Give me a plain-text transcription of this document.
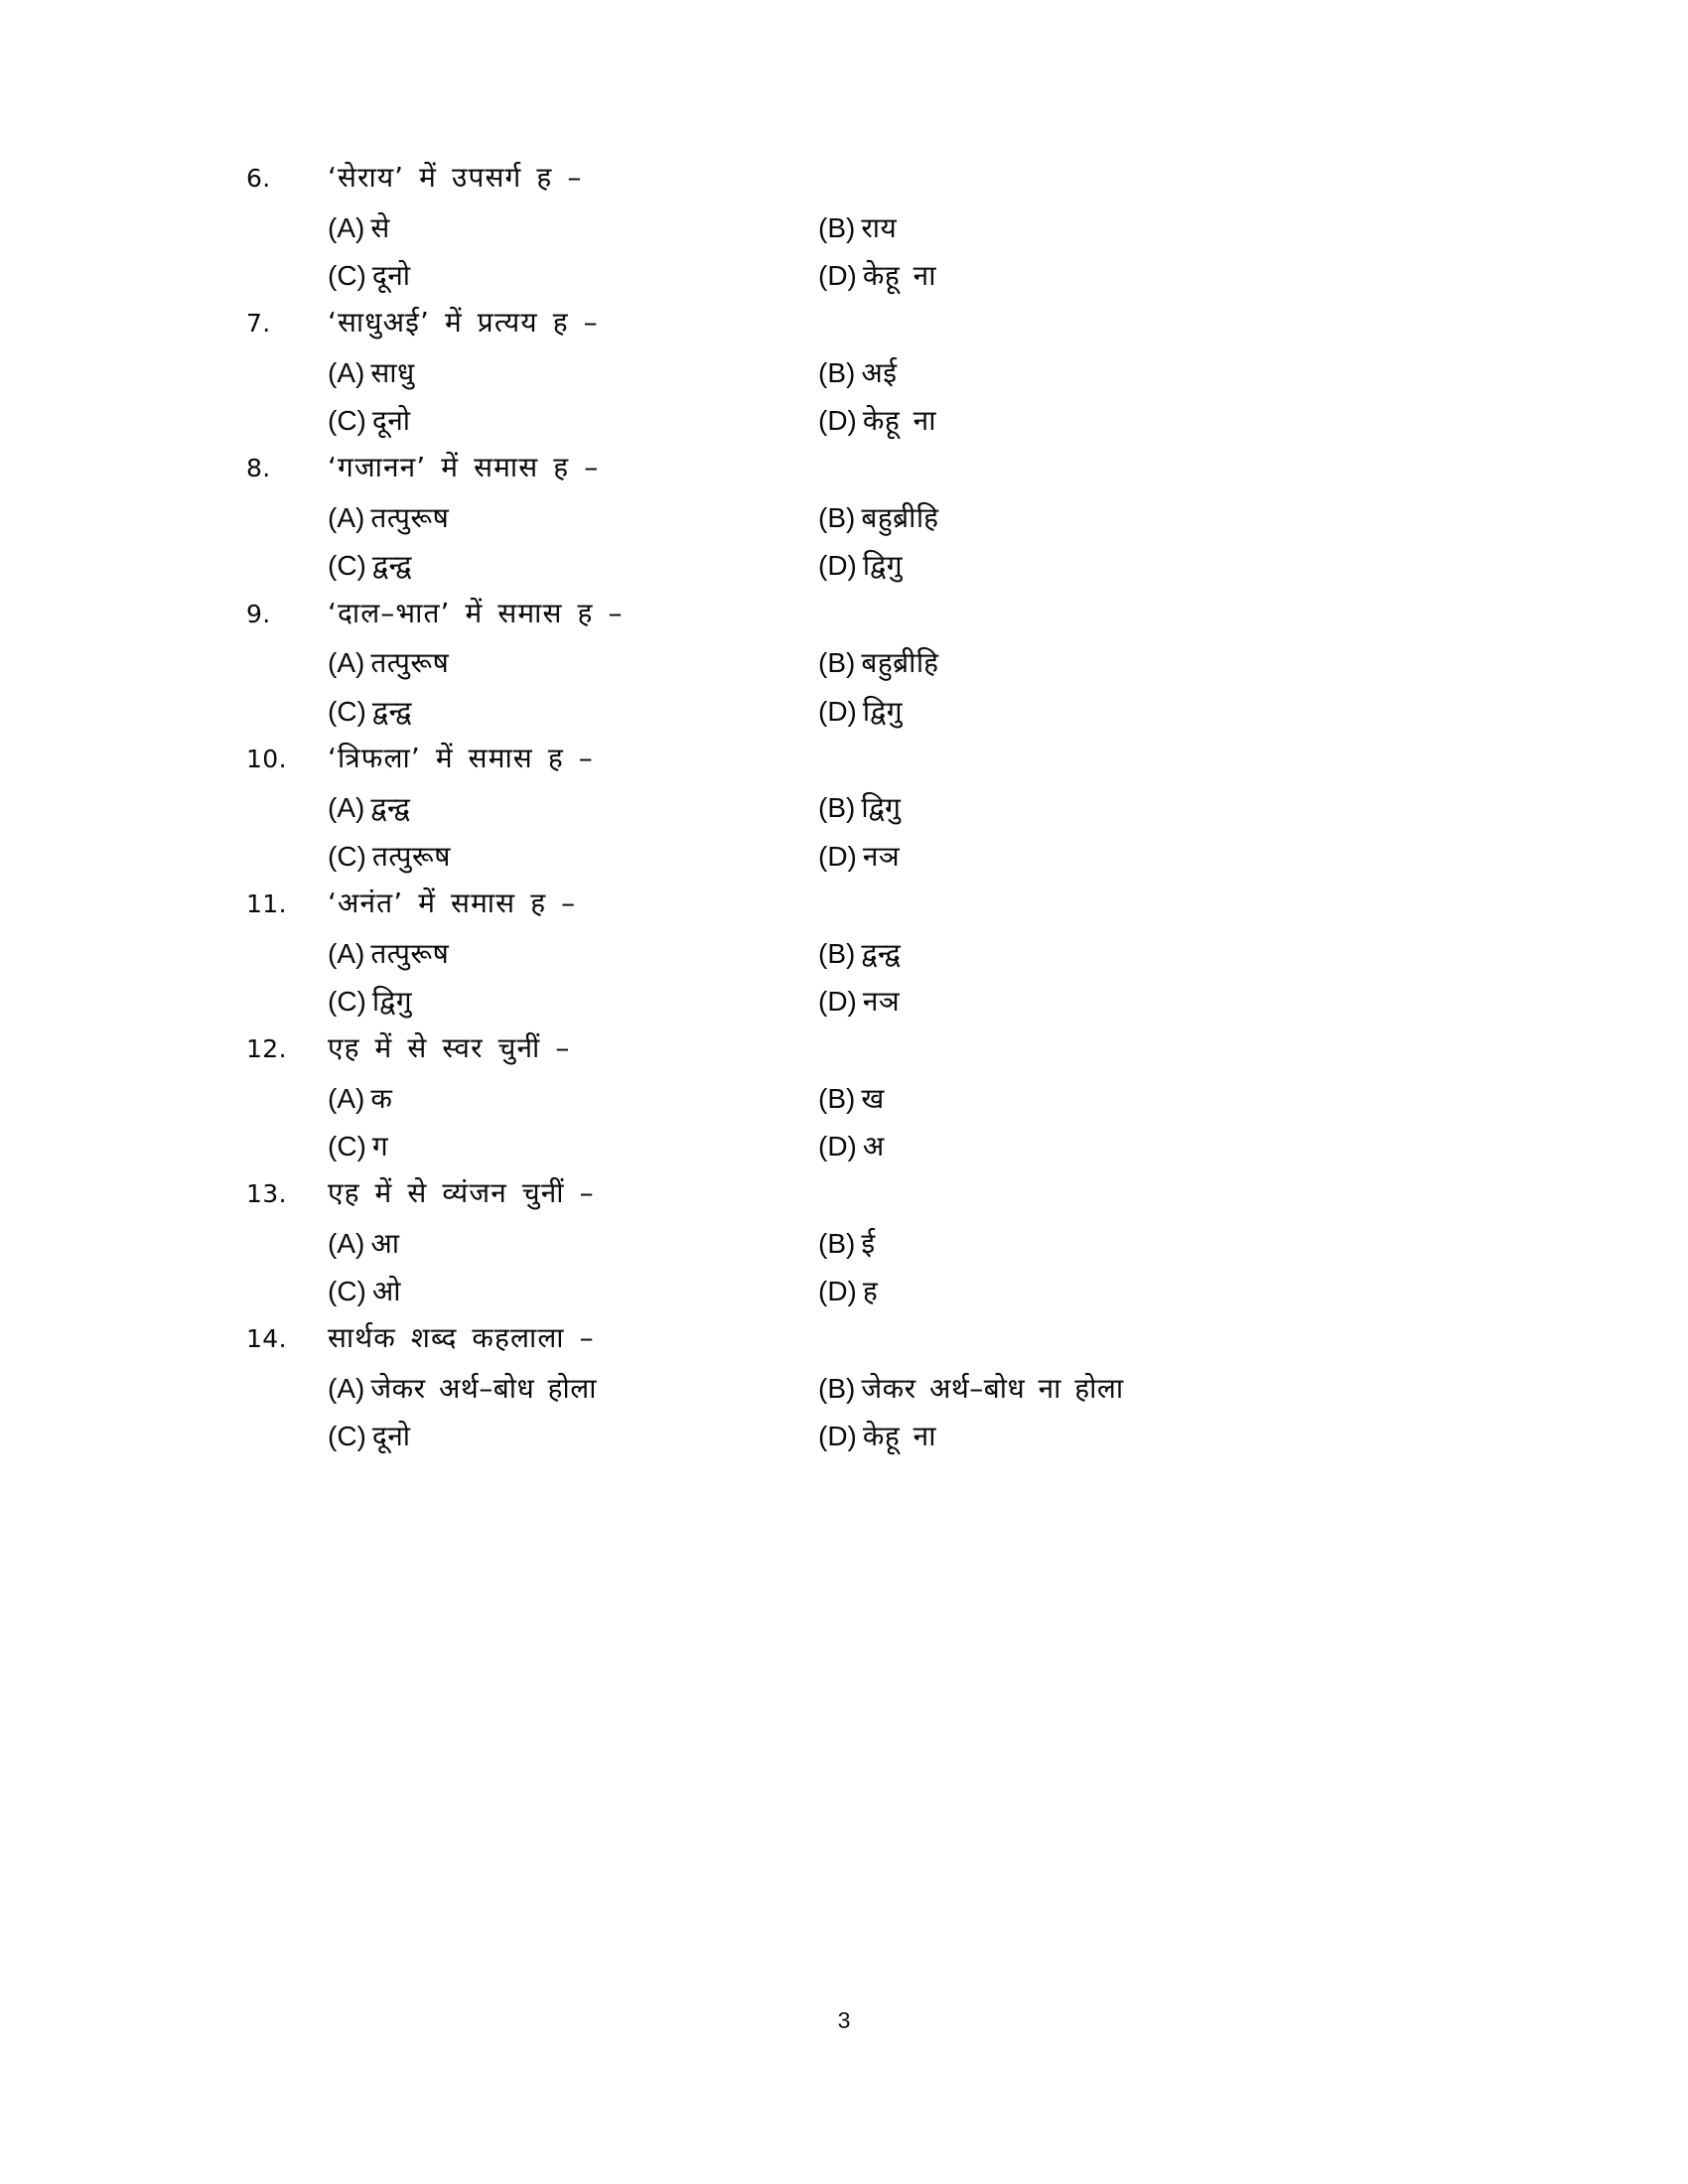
6.	‘सेराय’ में उपसर्ग ह –
(A) से	(B) राय
(C) दूनो	(D) केहू ना
7.	‘साधुअई’ में प्रत्यय ह –
(A) साधु	(B) अई
(C) दूनो	(D) केहू ना
8.	‘गजानन’ में समास ह –
(A) तत्पुरूष	(B) बहुब्रीहि
(C) द्वन्द्व	(D) द्विगु
9.	‘दाल–भात’ में समास ह –
(A) तत्पुरूष	(B) बहुब्रीहि
(C) द्वन्द्व	(D) द्विगु
10.	‘त्रिफला’ में समास ह –
(A) द्वन्द्व	(B) द्विगु
(C) तत्पुरूष	(D) नञ
11.	‘अनंत’ में समास ह –
(A) तत्पुरूष	(B) द्वन्द्व
(C) द्विगु	(D) नञ
12.	एह में से स्वर चुनीं –
(A) क	(B) ख
(C) ग	(D) अ
13.	एह में से व्यंजन चुनीं –
(A) आ	(B) ई
(C) ओ	(D) ह
14.	सार्थक शब्द कहलाला –
(A) जेकर अर्थ–बोध होला	(B) जेकर अर्थ–बोध ना होला
(C) दूनो	(D) केहू ना
3
